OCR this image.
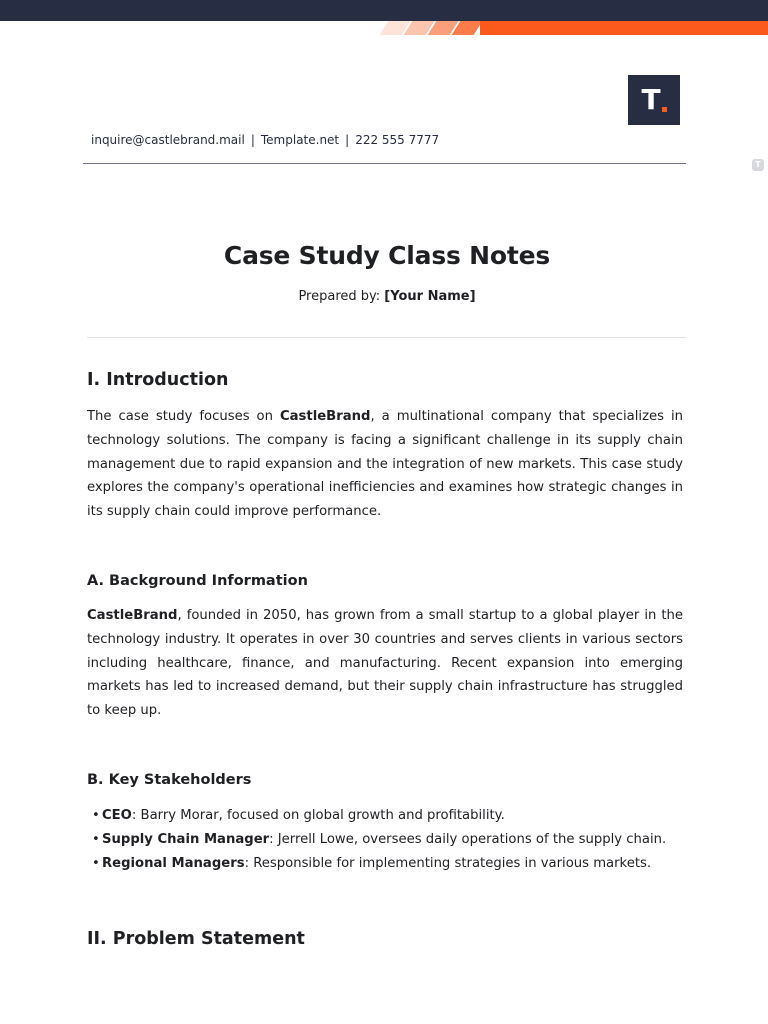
T
T
inquire@castlebrand.mail | Template.net | 222 555 7777
Case Study Class Notes
Prepared by: [Your Name]
I. Introduction

The case study focuses on CastleBrand, a multinational company that specializes in technology solutions. The company is facing a significant challenge in its supply chain management due to rapid expansion and the integration of new markets. This case study explores the company's operational inefficiencies and examines how strategic changes in its supply chain could improve performance.

A. Background Information

CastleBrand, founded in 2050, has grown from a small startup to a global player in the technology industry. It operates in over 30 countries and serves clients in various sectors including healthcare, finance, and manufacturing. Recent expansion into emerging markets has led to increased demand, but their supply chain infrastructure has struggled to keep up.

B. Key Stakeholders
• CEO: Barry Morar, focused on global growth and profitability.
• Supply Chain Manager: Jerrell Lowe, oversees daily operations of the supply chain.
• Regional Managers: Responsible for implementing strategies in various markets.
II. Problem Statement
